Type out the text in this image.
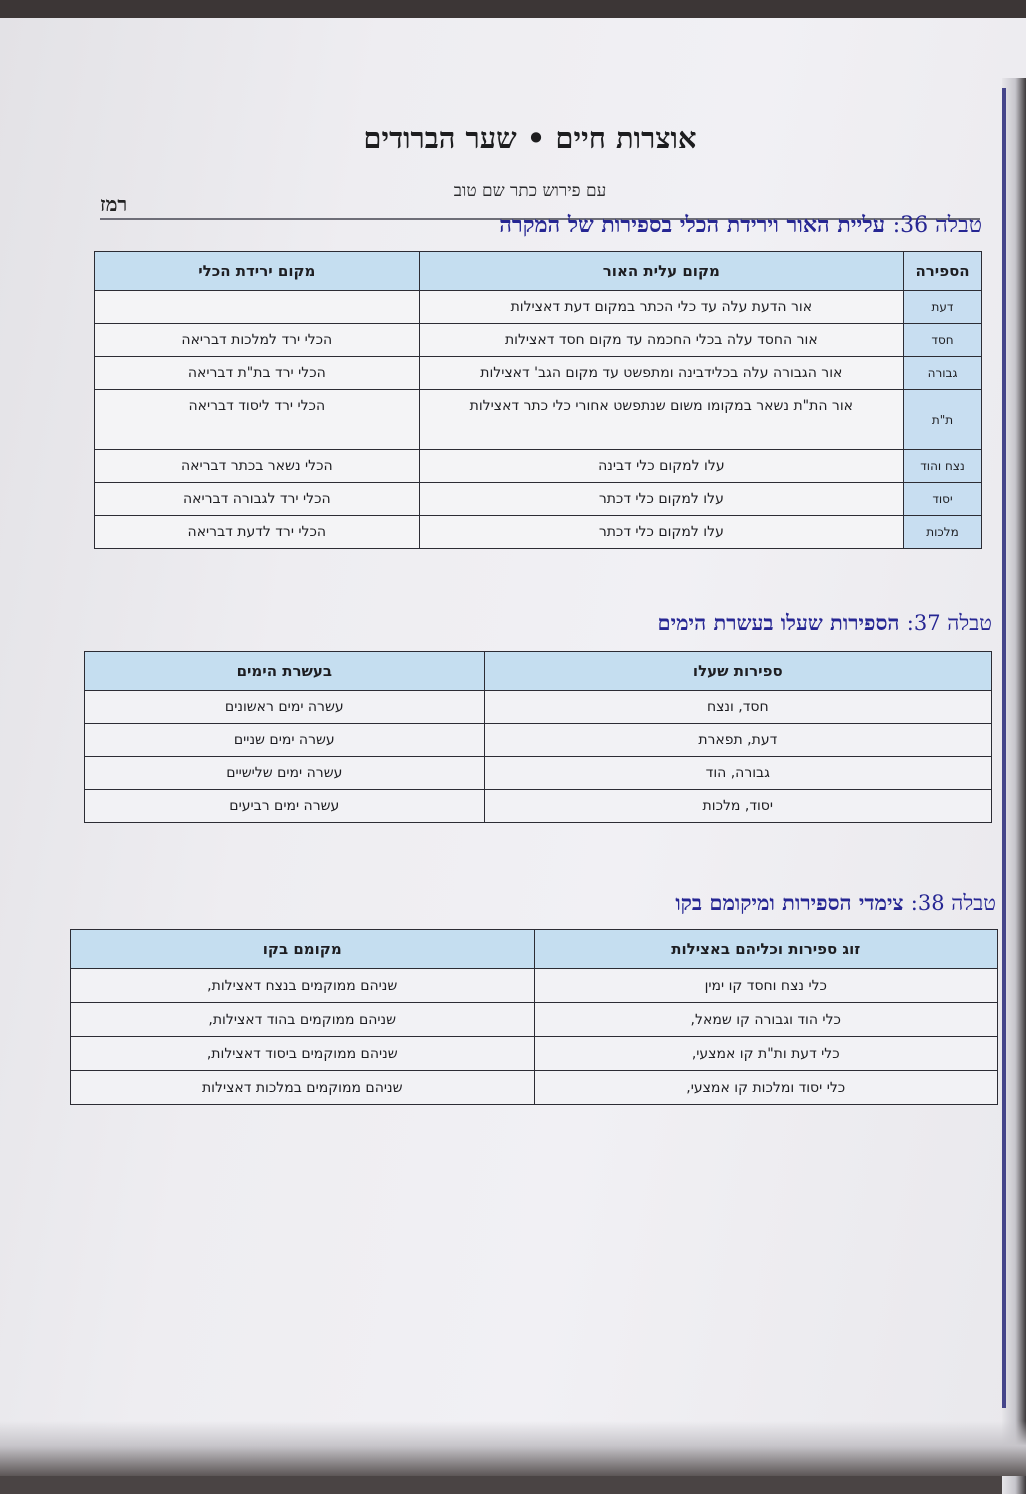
אוצרות חיים • שער הברודים
עם פירוש כתר שם טוב
רמז
טבלה 36: עליית האור וירידת הכלי בספירות של המקרה
הספירה	מקום עלית האור	מקום ירידת הכלי
דעת	אור הדעת עלה עד כלי הכתר במקום דעת דאצילות	
חסד	אור החסד עלה בכלי החכמה עד מקום חסד דאצילות	הכלי ירד למלכות דבריאה
גבורה	אור הגבורה עלה בכלידבינה ומתפשט עד מקום הגב' דאצילות	הכלי ירד בת"ת דבריאה
ת"ת	אור הת"ת נשאר במקומו משום שנתפשט אחורי כלי כתר דאצילות	הכלי ירד ליסוד דבריאה
נצח והוד	עלו למקום כלי דבינה	הכלי נשאר בכתר דבריאה
יסוד	עלו למקום כלי דכתר	הכלי ירד לגבורה דבריאה
מלכות	עלו למקום כלי דכתר	הכלי ירד לדעת דבריאה
טבלה 37: הספירות שעלו בעשרת הימים
ספירות שעלו	בעשרת הימים
חסד, ונצח	עשרה ימים ראשונים
דעת, תפארת	עשרה ימים שניים
גבורה, הוד	עשרה ימים שלישיים
יסוד, מלכות	עשרה ימים רביעים
טבלה 38: צימדי הספירות ומיקומם בקו
זוג ספירות וכליהם באצילות	מקומם בקו
כלי נצח וחסד קו ימין	שניהם ממוקמים בנצח דאצילות,
כלי הוד וגבורה קו שמאל,	שניהם ממוקמים בהוד דאצילות,
כלי דעת ות"ת קו אמצעי,	שניהם ממוקמים ביסוד דאצילות,
כלי יסוד ומלכות קו אמצעי,	שניהם ממוקמים במלכות דאצילות
